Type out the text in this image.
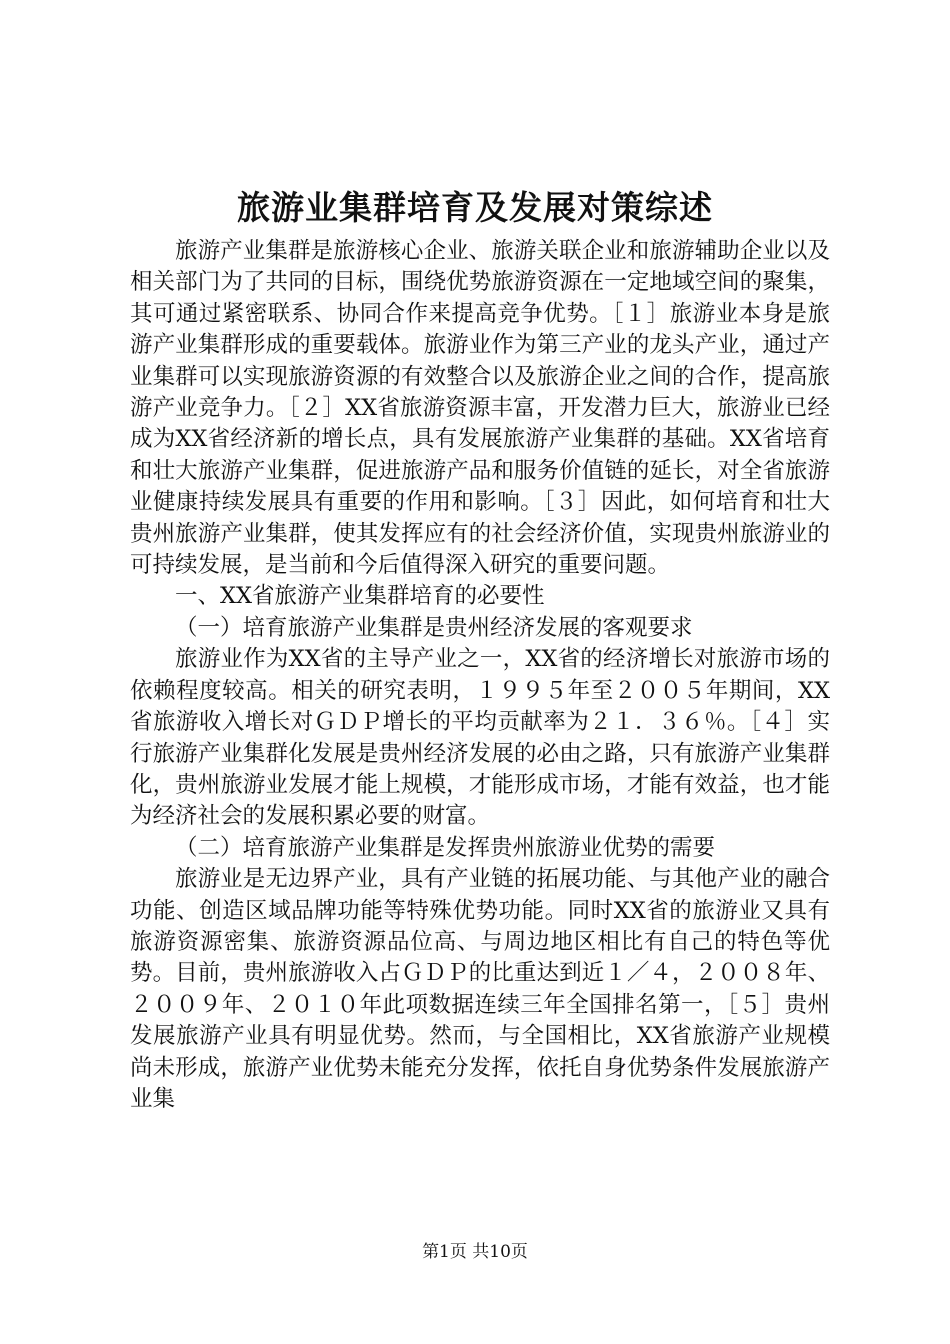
旅游业集群培育及发展对策综述

旅游产业集群是旅游核心企业、旅游关联企业和旅游辅助企业以及相关部门为了共同的目标，围绕优势旅游资源在一定地域空间的聚集，其可通过紧密联系、协同合作来提高竞争优势。［１］旅游业本身是旅游产业集群形成的重要载体。旅游业作为第三产业的龙头产业，通过产业集群可以实现旅游资源的有效整合以及旅游企业之间的合作，提高旅游产业竞争力。［２］XX省旅游资源丰富，开发潜力巨大，旅游业已经成为XX省经济新的增长点，具有发展旅游产业集群的基础。XX省培育和壮大旅游产业集群，促进旅游产品和服务价值链的延长，对全省旅游业健康持续发展具有重要的作用和影响。［３］因此，如何培育和壮大贵州旅游产业集群，使其发挥应有的社会经济价值，实现贵州旅游业的可持续发展，是当前和今后值得深入研究的重要问题。

一、XX省旅游产业集群培育的必要性

（一）培育旅游产业集群是贵州经济发展的客观要求

旅游业作为XX省的主导产业之一，XX省的经济增长对旅游市场的依赖程度较高。相关的研究表明，１９９５年至２００５年期间，XX省旅游收入增长对ＧＤＰ增长的平均贡献率为２１．３６％。［４］实行旅游产业集群化发展是贵州经济发展的必由之路，只有旅游产业集群化，贵州旅游业发展才能上规模，才能形成市场，才能有效益，也才能为经济社会的发展积累必要的财富。

（二）培育旅游产业集群是发挥贵州旅游业优势的需要

旅游业是无边界产业，具有产业链的拓展功能、与其他产业的融合功能、创造区域品牌功能等特殊优势功能。同时XX省的旅游业又具有旅游资源密集、旅游资源品位高、与周边地区相比有自己的特色等优势。目前，贵州旅游收入占ＧＤＰ的比重达到近１／４，２００８年、２００９年、２０１０年此项数据连续三年全国排名第一，［５］贵州发展旅游产业具有明显优势。然而，与全国相比，XX省旅游产业规模尚未形成，旅游产业优势未能充分发挥，依托自身优势条件发展旅游产业集

第1页 共10页
